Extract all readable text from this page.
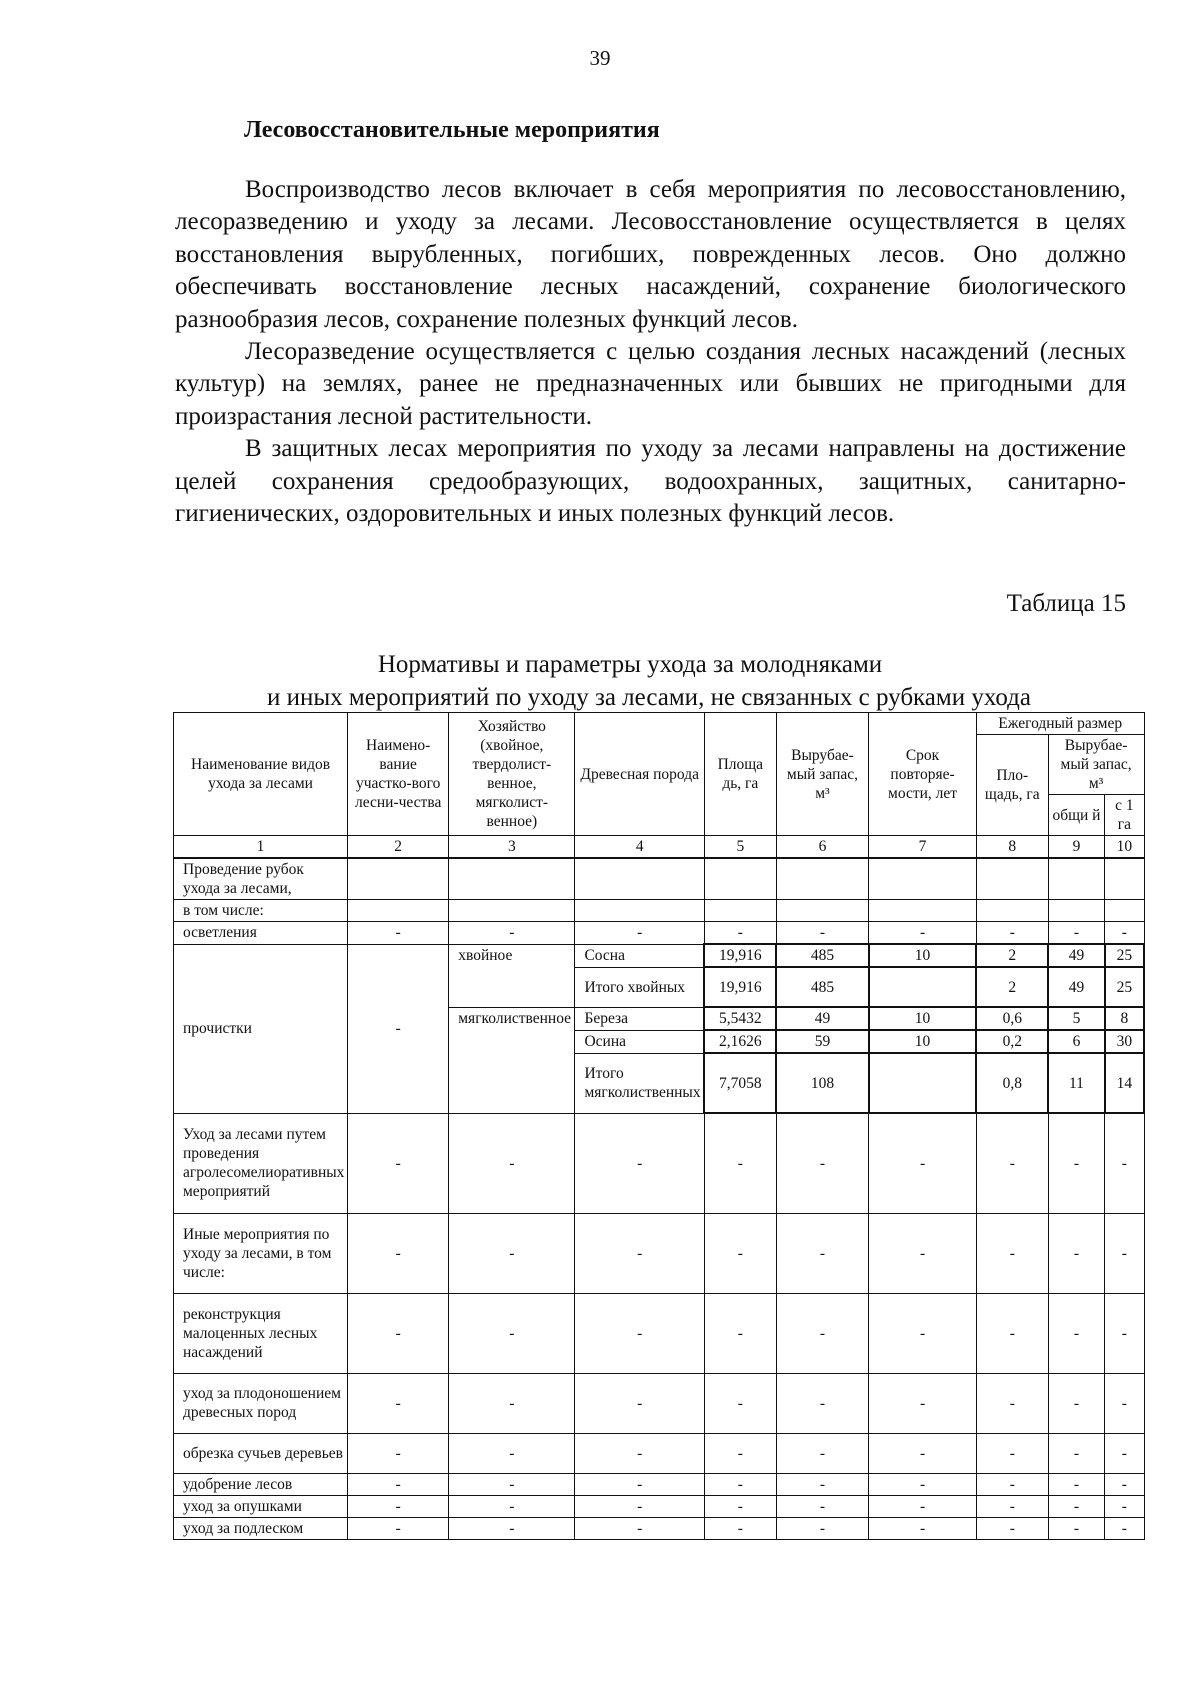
39
Лесовосстановительные мероприятия

Воспроизводство лесов включает в себя мероприятия по лесовосстановлению, лесоразведению и уходу за лесами. Лесовосстановление осуществляется в целях восстановления вырубленных, погибших, поврежденных лесов. Оно должно обеспечивать восстановление лесных насаждений, сохранение биологического разнообразия лесов, сохранение полезных функций лесов.

Лесоразведение осуществляется с целью создания лесных насаждений (лесных культур) на землях, ранее не предназначенных или бывших не пригодными для произрастания лесной растительности.

В защитных лесах мероприятия по уходу за лесами направлены на достижение целей сохранения средообразующих, водоохранных, защитных, санитарно-гигиенических, оздоровительных и иных полезных функций лесов.

Таблица 15
Нормативы и параметры ухода за молодняками
и иных мероприятий по уходу за лесами, не связанных с рубками ухода
Наименование видов ухода за лесами	Наимено-вание участко-вого лесни-чества	Хозяйство (хвойное, твердолист-венное, мягколист-венное)	Древесная порода	Площа дь, га	Вырубае-мый запас, м³	Срок повторяе-мости, лет	Ежегодный размер		
							Пло-щадь, га	Вырубае-мый запас, м³	
								общи й	с 1 га

1	2	3	4	5	6	7	8	9	10
Проведение рубок ухода за лесами,									
в том числе:									
осветления	-	-	-	-	-	-	-	-	-
прочистки	-	хвойное	Сосна	19,916	485	10	2	49	25
			Итого хвойных	19,916	485		2	49	25
		мягколиственное	Береза	5,5432	49	10	0,6	5	8
			Осина	2,1626	59	10	0,2	6	30
			Итого мягколиственных	7,7058	108		0,8	11	14
Уход за лесами путем проведения агролесомелиоративных мероприятий	-	-	-	-	-	-	-	-	-
Иные мероприятия по уходу за лесами, в том числе:	-	-	-	-	-	-	-	-	-
реконструкция малоценных лесных насаждений	-	-	-	-	-	-	-	-	-
уход за плодоношением древесных пород	-	-	-	-	-	-	-	-	-
обрезка сучьев деревьев	-	-	-	-	-	-	-	-	-
удобрение лесов	-	-	-	-	-	-	-	-	-
уход за опушками	-	-	-	-	-	-	-	-	-
уход за подлеском	-	-	-	-	-	-	-	-	-
